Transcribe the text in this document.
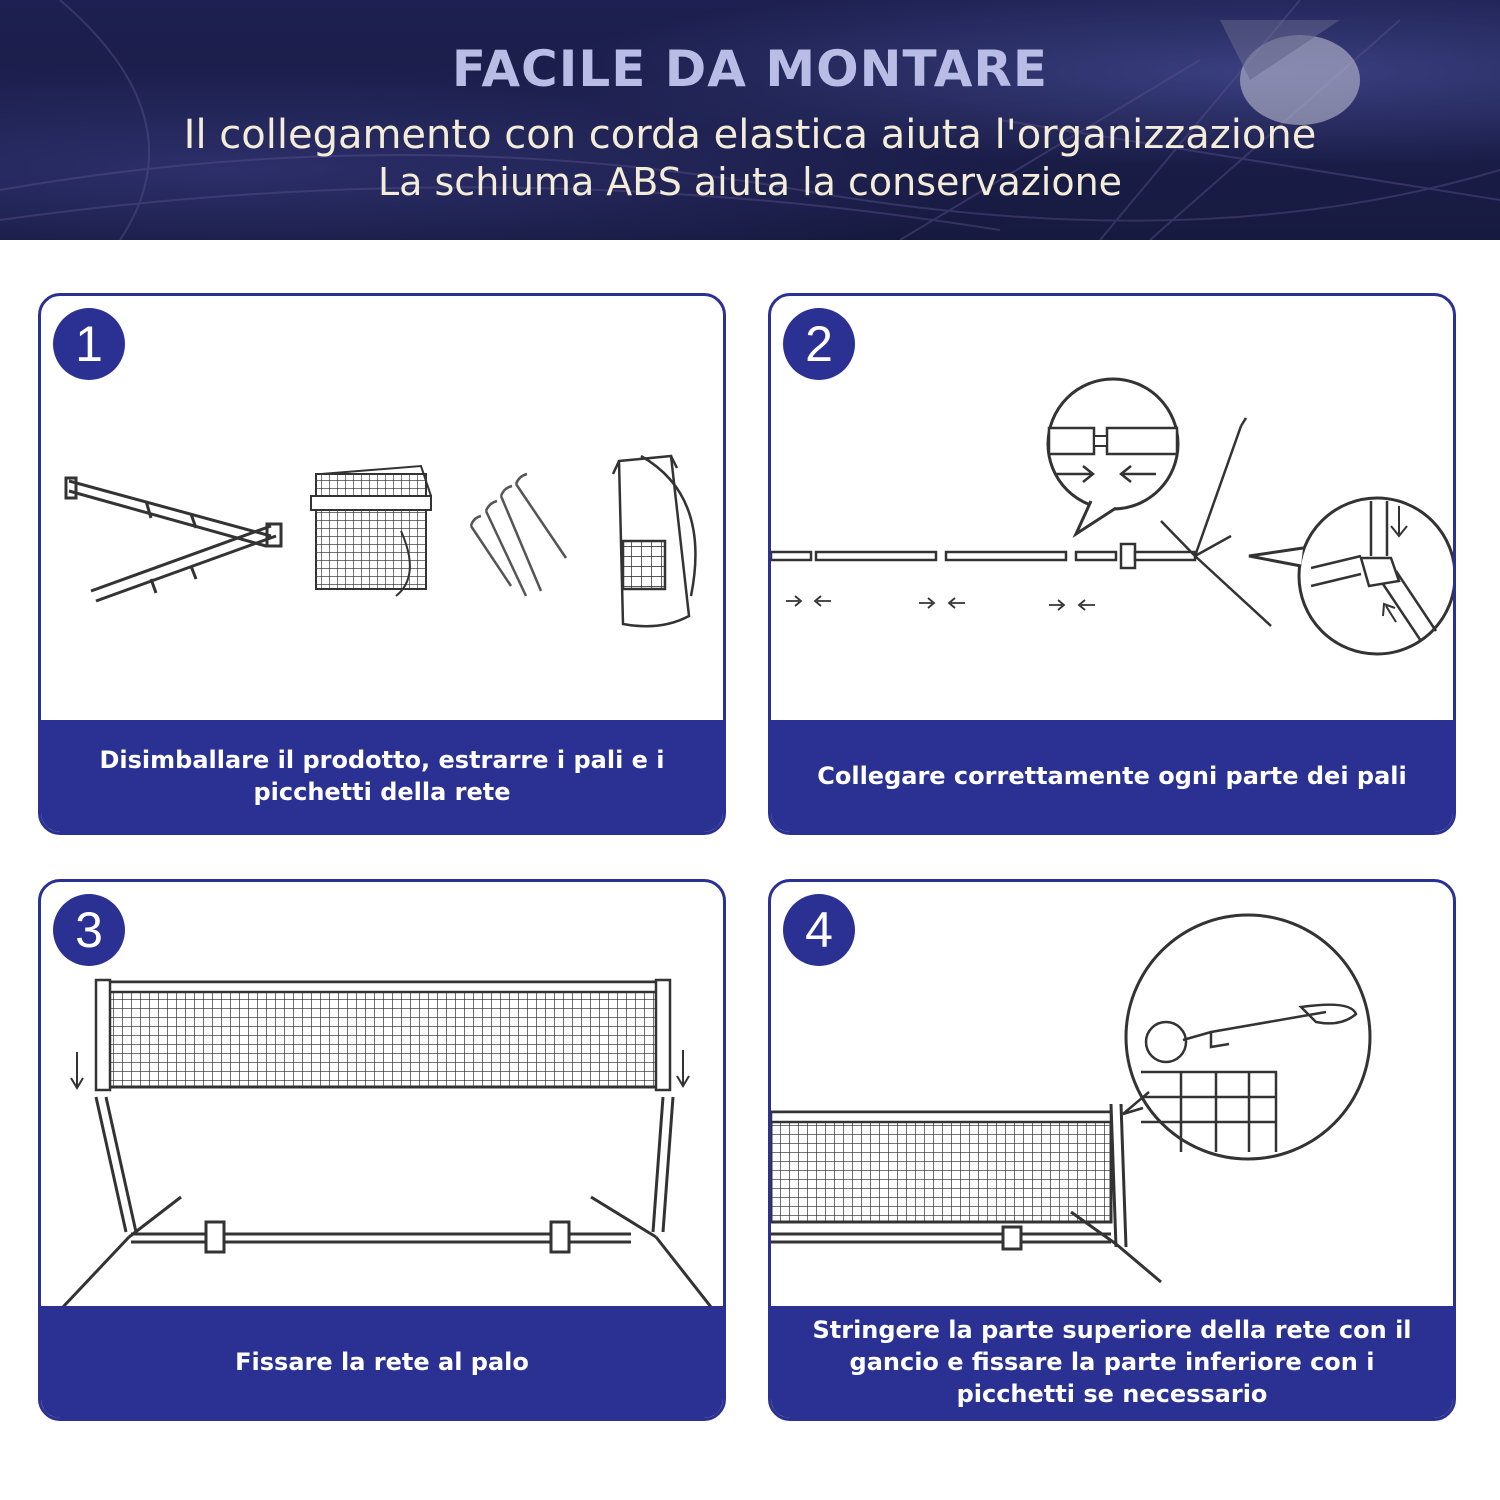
FACILE DA MONTARE
Il collegamento con corda elastica aiuta l'organizzazione
La schiuma ABS aiuta la conservazione
1
Disimballare il prodotto, estrarre i pali e i picchetti della rete
2
Collegare correttamente ogni parte dei pali
3
Fissare la rete al palo
4
Stringere la parte superiore della rete con il gancio e fissare la parte inferiore con i picchetti se necessario
